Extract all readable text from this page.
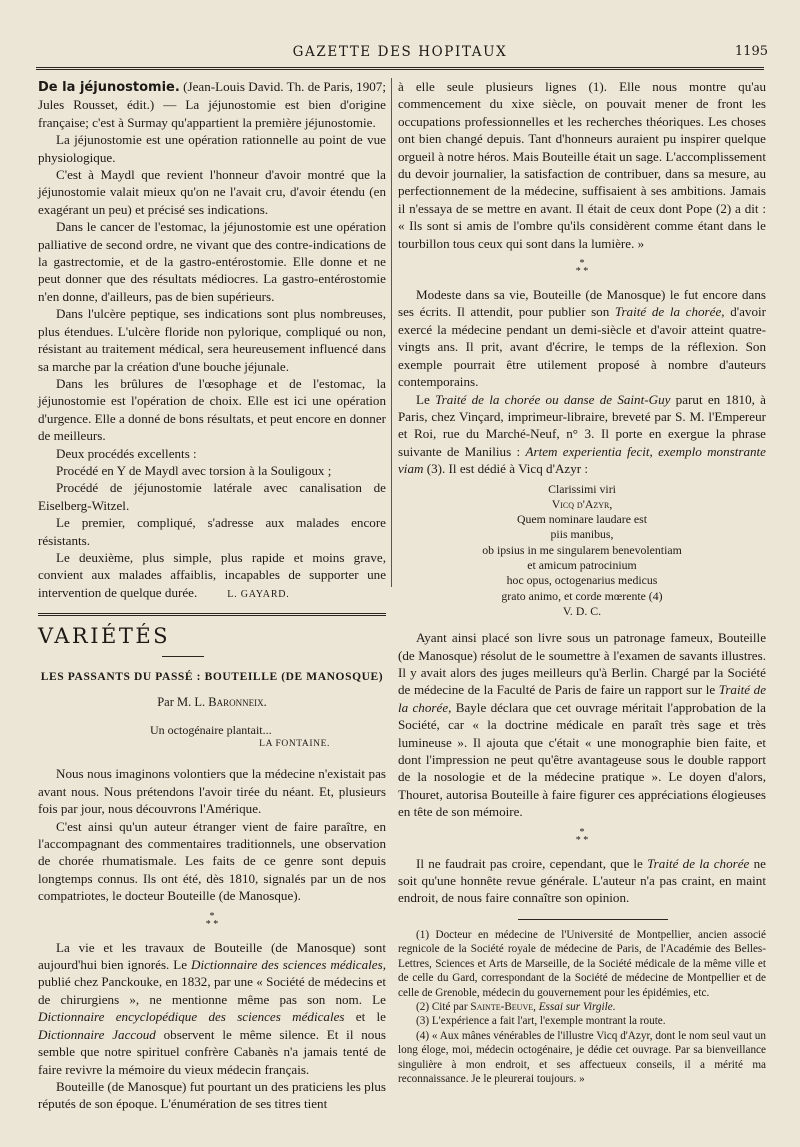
GAZETTE DES HOPITAUX	1195

De la jéjunostomie. (Jean-Louis David. Th. de Paris, 1907; Jules Rousset, édit.) — La jéjunostomie est bien d'origine française; c'est à Surmay qu'appartient la première jéjunostomie.

La jéjunostomie est une opération rationnelle au point de vue physiologique.

C'est à Maydl que revient l'honneur d'avoir montré que la jéjunostomie valait mieux qu'on ne l'avait cru, d'avoir étendu (en exagérant un peu) et précisé ses indications.

Dans le cancer de l'estomac, la jéjunostomie est une opération palliative de second ordre, ne vivant que des contre-indications de la gastrectomie, et de la gastro-entérostomie. Elle donne et ne peut donner que des résultats médiocres. La gastro-entérostomie n'en donne, d'ailleurs, pas de bien supérieurs.

Dans l'ulcère peptique, ses indications sont plus nombreuses, plus étendues. L'ulcère floride non pylorique, compliqué ou non, résistant au traitement médical, sera heureusement influencé dans sa marche par la création d'une bouche jéjunale.

Dans les brûlures de l'œsophage et de l'estomac, la jéjunostomie est l'opération de choix. Elle est ici une opération d'urgence. Elle a donné de bons résultats, et peut encore en donner de meilleurs.

Deux procédés excellents :

Procédé en Y de Maydl avec torsion à la Souligoux ;

Procédé de jéjunostomie latérale avec canalisation de Eiselberg-Witzel.

Le premier, compliqué, s'adresse aux malades encore résistants.

Le deuxième, plus simple, plus rapide et moins grave, convient aux malades affaiblis, incapables de supporter une intervention de quelque durée.	L. GAYARD.

VARIÉTÉS
LES PASSANTS DU PASSÉ : BOUTEILLE (DE MANOSQUE)
Par M. L. Baronneix.
Un octogénaire plantait...
LA FONTAINE.

Nous nous imaginons volontiers que la médecine n'existait pas avant nous. Nous prétendons l'avoir tirée du néant. Et, plusieurs fois par jour, nous découvrons l'Amérique.

C'est ainsi qu'un auteur étranger vient de faire paraître, en l'accompagnant des commentaires traditionnels, une observation de chorée rhumatismale. Les faits de ce genre sont depuis longtemps connus. Ils ont été, dès 1810, signalés par un de nos compatriotes, le docteur Bouteille (de Manosque).

*
* *

La vie et les travaux de Bouteille (de Manosque) sont aujourd'hui bien ignorés. Le Dictionnaire des sciences médicales, publié chez Panckouke, en 1832, par une « Société de médecins et de chirurgiens », ne mentionne même pas son nom. Le Dictionnaire encyclopédique des sciences médicales et le Dictionnaire Jaccoud observent le même silence. Et il nous semble que notre spirituel confrère Cabanès n'a jamais tenté de faire revivre la mémoire du vieux médecin français.

Bouteille (de Manosque) fut pourtant un des praticiens les plus réputés de son époque. L'énumération de ses titres tient

à elle seule plusieurs lignes (1). Elle nous montre qu'au commencement du xixe siècle, on pouvait mener de front les occupations professionnelles et les recherches théoriques. Les choses ont bien changé depuis. Tant d'honneurs auraient pu inspirer quelque orgueil à notre héros. Mais Bouteille était un sage. L'accomplissement du devoir journalier, la satisfaction de contribuer, dans sa mesure, au perfectionnement de la médecine, suffisaient à ses ambitions. Jamais il n'essaya de se mettre en avant. Il était de ceux dont Pope (2) a dit : « Ils sont si amis de l'ombre qu'ils considèrent comme étant dans le tourbillon tous ceux qui sont dans la lumière. »

*
* *

Modeste dans sa vie, Bouteille (de Manosque) le fut encore dans ses écrits. Il attendit, pour publier son Traité de la chorée, d'avoir exercé la médecine pendant un demi-siècle et d'avoir atteint quatre-vingts ans. Il prit, avant d'écrire, le temps de la réflexion. Son exemple pourrait être utilement proposé à nombre d'auteurs contemporains.

Le Traité de la chorée ou danse de Saint-Guy parut en 1810, à Paris, chez Vinçard, imprimeur-libraire, breveté par S. M. l'Empereur et Roi, rue du Marché-Neuf, n° 3. Il porte en exergue la phrase suivante de Manilius : Artem experientia fecit, exemplo monstrante viam (3). Il est dédié à Vicq d'Azyr :

Clarissimi viri
Vicq d'Azyr,
Quem nominare laudare est
piis manibus,
ob ipsius in me singularem benevolentiam
et amicum patrocinium
hoc opus, octogenarius medicus
grato animo, et corde mœrente (4)
V. D. C.

Ayant ainsi placé son livre sous un patronage fameux, Bouteille (de Manosque) résolut de le soumettre à l'examen de savants illustres. Il y avait alors des juges meilleurs qu'à Berlin. Chargé par la Société de médecine de la Faculté de Paris de faire un rapport sur le Traité de la chorée, Bayle déclara que cet ouvrage méritait l'approbation de la Société, car « la doctrine médicale en paraît très sage et très lumineuse ». Il ajouta que c'était « une monographie bien faite, et dont l'impression ne peut qu'être avantageuse sous le double rapport de la nosologie et de la médecine pratique ». Le doyen d'alors, Thouret, autorisa Bouteille à faire figurer ces appréciations élogieuses en tête de son mémoire.

*
* *

Il ne faudrait pas croire, cependant, que le Traité de la chorée ne soit qu'une honnête revue générale. L'auteur n'a pas craint, en maint endroit, de nous faire connaître son opinion.

(1) Docteur en médecine de l'Université de Montpellier, ancien associé regnicole de la Société royale de médecine de Paris, de l'Académie des Belles-Lettres, Sciences et Arts de Marseille, de la Société médicale de la même ville et de celle du Gard, correspondant de la Société de médecine de Montpellier et de celle de Grenoble, médecin du gouvernement pour les épidémies, etc.

(2) Cité par Sainte-Beuve, Essai sur Virgile.

(3) L'expérience a fait l'art, l'exemple montrant la route.

(4) « Aux mânes vénérables de l'illustre Vicq d'Azyr, dont le nom seul vaut un long éloge, moi, médecin octogénaire, je dédie cet ouvrage. Par sa bienveillance singulière à mon endroit, et ses affectueux conseils, il a mérité ma reconnaissance. Je le pleurerai toujours. »
